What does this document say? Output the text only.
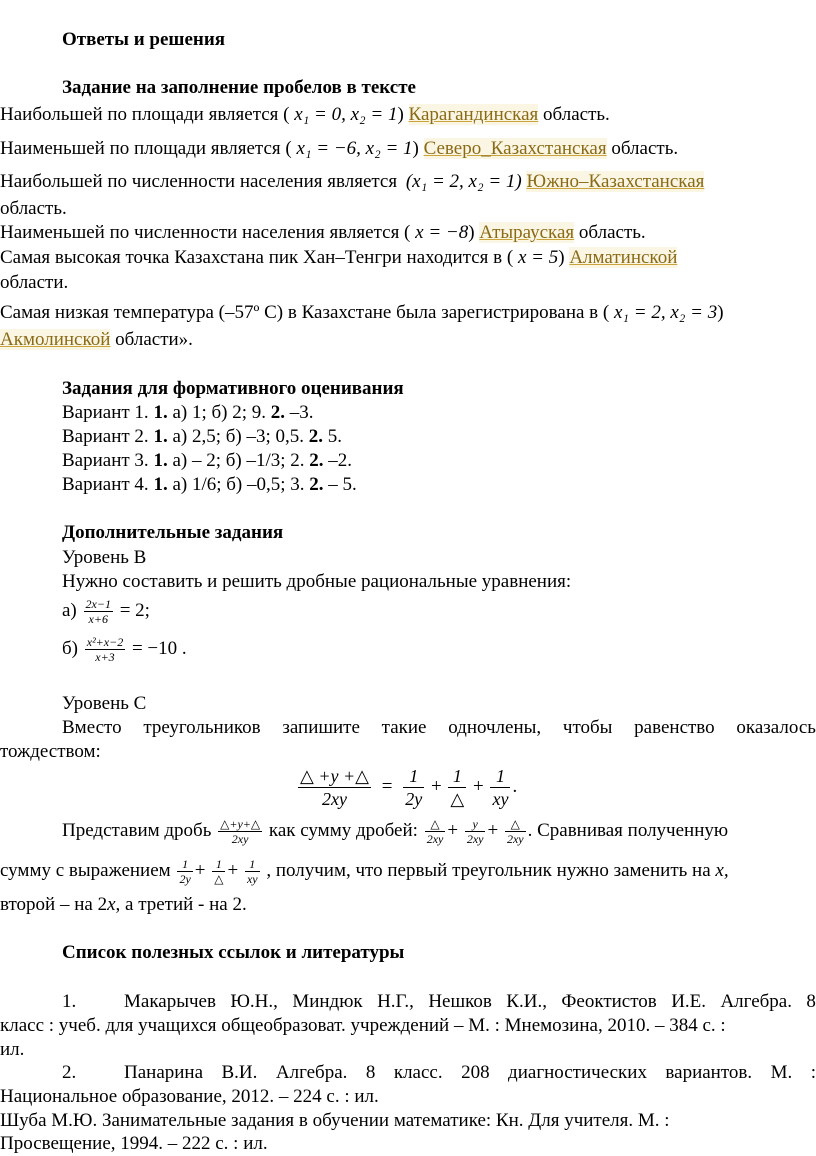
Ответы и решения
Задание на заполнение пробелов в тексте
Наибольшей по площади является ( x₁ = 0, x₂ = 1) Карагандинская область.
Наименьшей по площади является ( x₁ = −6, x₂ = 1) Северо_Казахстанская область.
Наибольшей по численности населения является (x₁ = 2, x₂ = 1) Южно–Казахстанская
область.
Наименьшей по численности населения является ( x = −8) Атырауская область.
Самая высокая точка Казахстана пик Хан–Тенгри находится в ( x = 5) Алматинской
области.
Самая низкая температура (–57º С) в Казахстане была зарегистрирована в ( x₁ = 2, x₂ = 3)
Акмолинской области».
Задания для формативного оценивания
Вариант 1. 1. а) 1; б) 2; 9. 2. –3.
Вариант 2. 1. а) 2,5; б) –3; 0,5. 2. 5.
Вариант 3. 1. а) – 2; б) –1/3; 2. 2. –2.
Вариант 4. 1. а) 1/6; б) –0,5; 3. 2. – 5.
Дополнительные задания
Уровень В
Нужно составить и решить дробные рациональные уравнения:
$а) \frac{2x-1}{x+6} = 2$;
$б) \frac{\text{x²+x−2}}{x+3} = -10$ .
Уровень С
Вместо треугольников запишите такие одночлены, чтобы равенство оказалось
тождеством:
$\frac{\triangle +y +\triangle}{2xy} = \frac{1}{2y} + \frac{1}{\triangle} + \frac{1}{xy}$ .
Представим дробь $\frac{\triangle+y+\triangle}{2xy}$ как сумму дробей: $\frac{\triangle}{2xy} + \frac{y}{2xy} + \frac{\triangle}{2xy}$ . Сравнивая полученную
сумму с выражением $\frac{1}{2y} + \frac{1}{\triangle} + \frac{1}{xy}$ , получим, что первый треугольник нужно заменить на x,
второй – на 2x, а третий - на 2.
Список полезных ссылок и литературы
1.	Макарычев Ю.Н., Миндюк Н.Г., Нешков К.И., Феоктистов И.Е. Алгебра. 8
класс : учеб. для учащихся общеобразоват. учреждений – М. : Мнемозина, 2010. – 384 с. :
ил.
2.	Панарина В.И. Алгебра. 8 класс. 208 диагностических вариантов. М. :
Национальное образование, 2012. – 224 с. : ил.
Шуба М.Ю. Занимательные задания в обучении математике: Кн. Для учителя. М. :
Просвещение, 1994. – 222 с. : ил.
